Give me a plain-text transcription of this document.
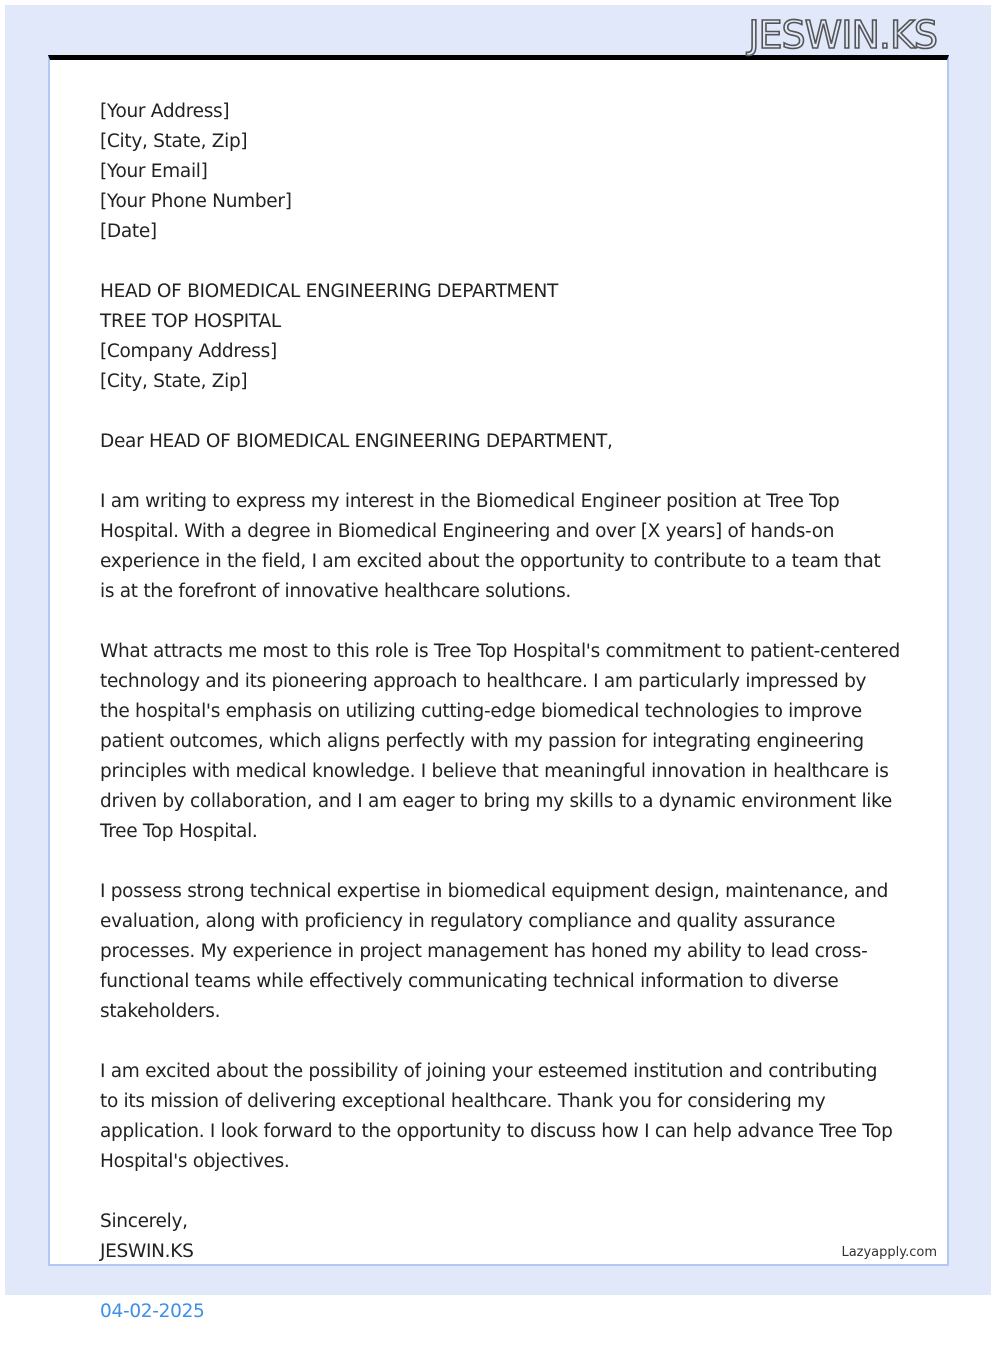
JESWIN.KS

[Your Address]
[City, State, Zip]
[Your Email]
[Your Phone Number]
[Date]

HEAD OF BIOMEDICAL ENGINEERING DEPARTMENT
TREE TOP HOSPITAL
[Company Address]
[City, State, Zip]

Dear HEAD OF BIOMEDICAL ENGINEERING DEPARTMENT,

I am writing to express my interest in the Biomedical Engineer position at Tree Top Hospital. With a degree in Biomedical Engineering and over [X years] of hands-on experience in the field, I am excited about the opportunity to contribute to a team that is at the forefront of innovative healthcare solutions.

What attracts me most to this role is Tree Top Hospital's commitment to patient-centered technology and its pioneering approach to healthcare. I am particularly impressed by the hospital's emphasis on utilizing cutting-edge biomedical technologies to improve patient outcomes, which aligns perfectly with my passion for integrating engineering principles with medical knowledge. I believe that meaningful innovation in healthcare is driven by collaboration, and I am eager to bring my skills to a dynamic environment like Tree Top Hospital.

I possess strong technical expertise in biomedical equipment design, maintenance, and evaluation, along with proficiency in regulatory compliance and quality assurance processes. My experience in project management has honed my ability to lead cross-functional teams while effectively communicating technical information to diverse stakeholders.

I am excited about the possibility of joining your esteemed institution and contributing to its mission of delivering exceptional healthcare. Thank you for considering my application. I look forward to the opportunity to discuss how I can help advance Tree Top Hospital's objectives.

Sincerely,
JESWIN.KS

04-02-2025

Lazyapply.com
